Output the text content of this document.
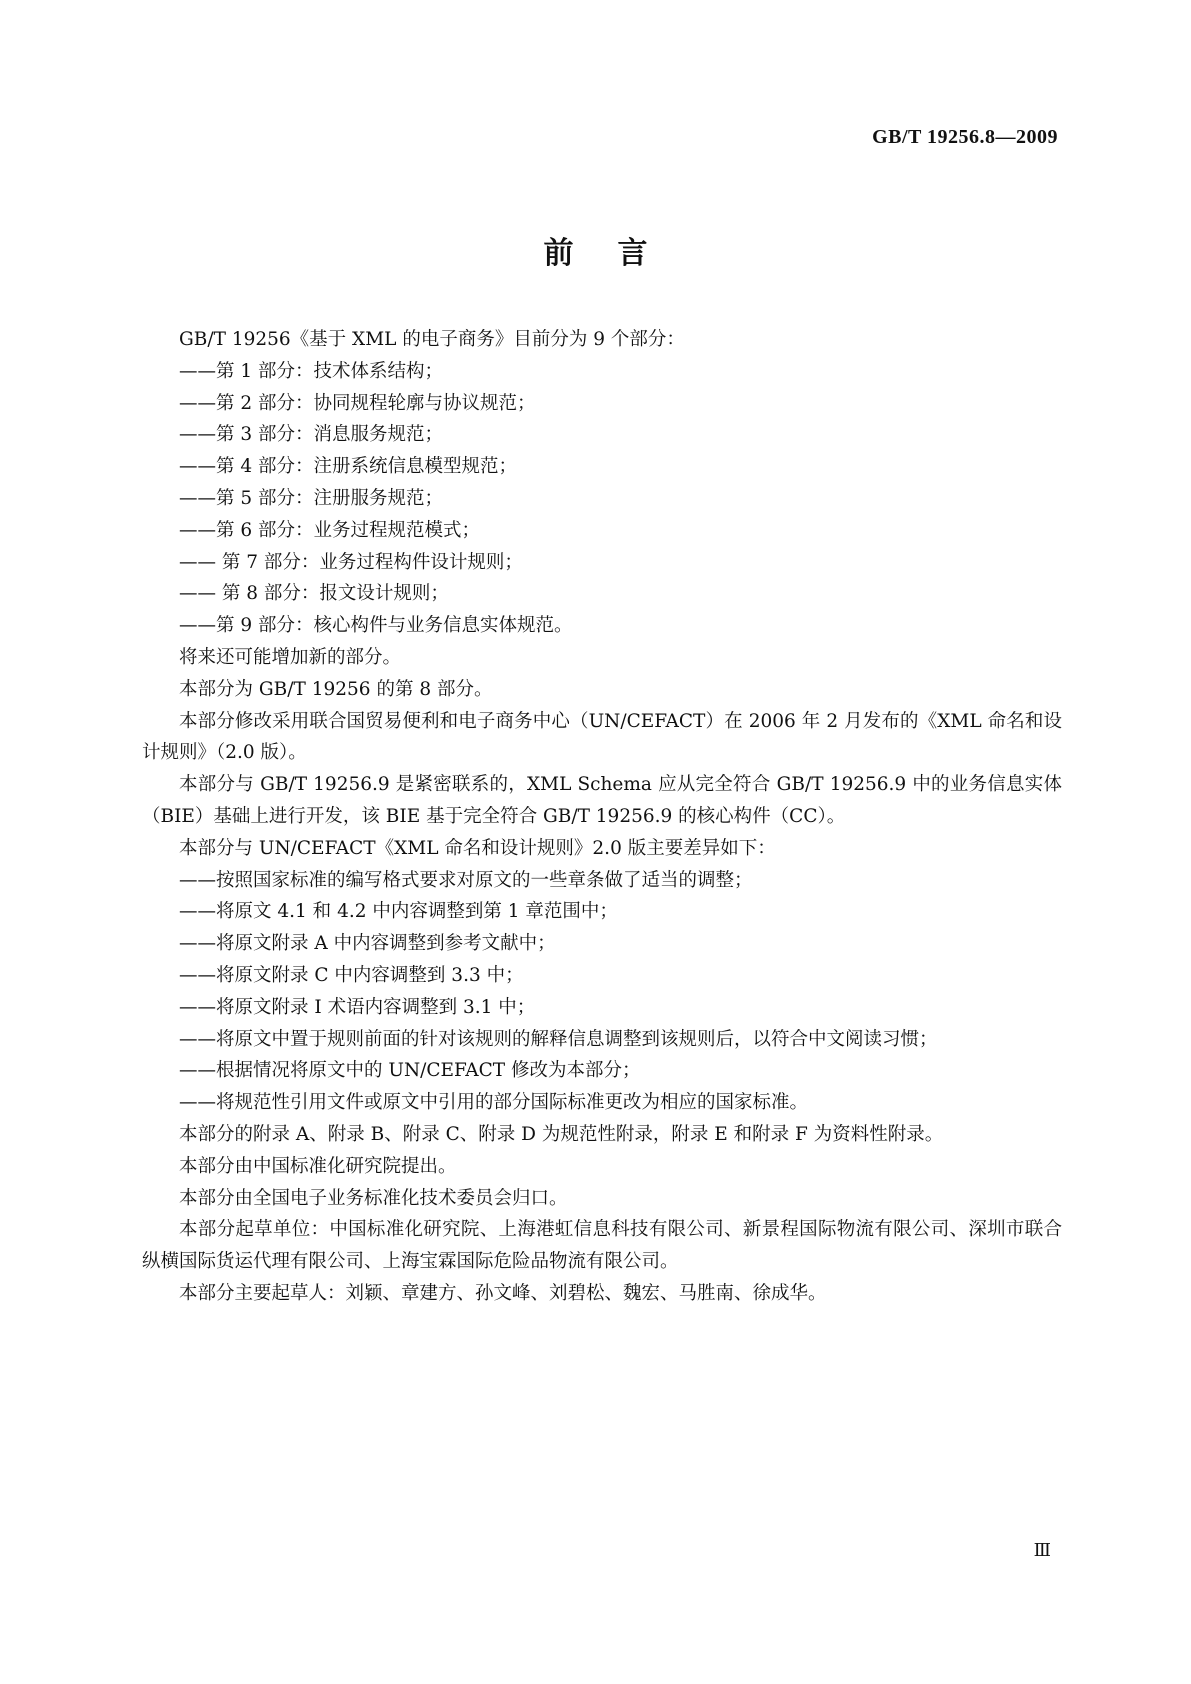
GB/T 19256.8—2009
前言

GB/T 19256《基于 XML 的电子商务》目前分为 9 个部分：

——第 1 部分：技术体系结构；

——第 2 部分：协同规程轮廓与协议规范；

——第 3 部分：消息服务规范；

——第 4 部分：注册系统信息模型规范；

——第 5 部分：注册服务规范；

——第 6 部分：业务过程规范模式；

—— 第 7 部分：业务过程构件设计规则；

—— 第 8 部分：报文设计规则；

——第 9 部分：核心构件与业务信息实体规范。

将来还可能增加新的部分。

本部分为 GB/T 19256 的第 8 部分。

本部分修改采用联合国贸易便利和电子商务中心（UN/CEFACT）在 2006 年 2 月发布的《XML 命名和设计规则》（2.0 版）。

本部分与 GB/T 19256.9 是紧密联系的，XML Schema 应从完全符合 GB/T 19256.9 中的业务信息实体（BIE）基础上进行开发，该 BIE 基于完全符合 GB/T 19256.9 的核心构件（CC）。

本部分与 UN/CEFACT《XML 命名和设计规则》2.0 版主要差异如下：

——按照国家标准的编写格式要求对原文的一些章条做了适当的调整；

——将原文 4.1 和 4.2 中内容调整到第 1 章范围中；

——将原文附录 A 中内容调整到参考文献中；

——将原文附录 C 中内容调整到 3.3 中；

——将原文附录 I 术语内容调整到 3.1 中；

——将原文中置于规则前面的针对该规则的解释信息调整到该规则后，以符合中文阅读习惯；

——根据情况将原文中的 UN/CEFACT 修改为本部分；

——将规范性引用文件或原文中引用的部分国际标准更改为相应的国家标准。

本部分的附录 A、附录 B、附录 C、附录 D 为规范性附录，附录 E 和附录 F 为资料性附录。

本部分由中国标准化研究院提出。

本部分由全国电子业务标准化技术委员会归口。

本部分起草单位：中国标准化研究院、上海港虹信息科技有限公司、新景程国际物流有限公司、深圳市联合纵横国际货运代理有限公司、上海宝霖国际危险品物流有限公司。

本部分主要起草人：刘颖、章建方、孙文峰、刘碧松、魏宏、马胜南、徐成华。

Ⅲ
